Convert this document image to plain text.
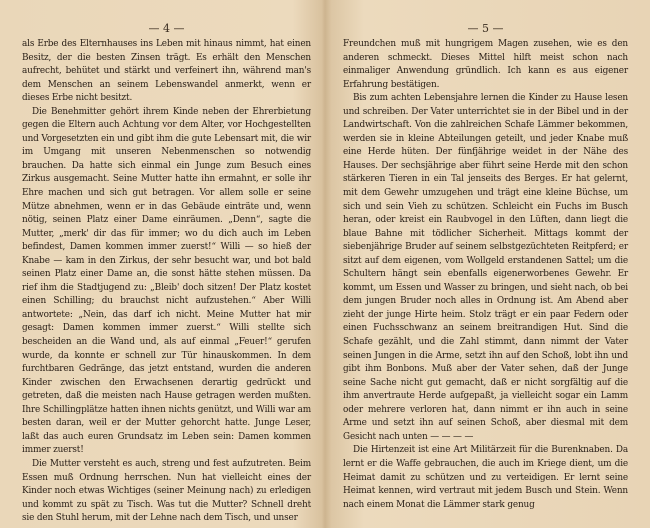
— 4 —

als Erbe des Elternhauses ins Leben mit hinaus nimmt, hat einen Besitz, der die besten Zinsen trägt. Es erhält den Menschen aufrecht, behütet und stärkt und verfeinert ihn, während man's dem Menschen an seinem Lebenswandel anmerkt, wenn er dieses Erbe nicht besitzt.

Die Benehmitter gehört ihrem Kinde neben der Ehrerbietung gegen die Eltern auch Achtung vor dem Alter, vor Hochgestellten und Vorgesetzten ein und gibt ihm die gute Lebensart mit, die wir im Umgang mit unseren Nebenmenschen so notwendig brauchen. Da hatte sich einmal ein Junge zum Besuch eines Zirkus ausgemacht. Seine Mutter hatte ihn ermahnt, er solle ihr Ehre machen und sich gut betragen. Vor allem solle er seine Mütze abnehmen, wenn er in das Gebäude einträte und, wenn nötig, seinen Platz einer Dame einräumen. „Denn“, sagte die Mutter, „merk' dir das für immer; wo du dich auch im Leben befindest, Damen kommen immer zuerst!“ Willi — so hieß der Knabe — kam in den Zirkus, der sehr besucht war, und bot bald seinen Platz einer Dame an, die sonst hätte stehen müssen. Da rief ihm die Stadtjugend zu: „Bleib' doch sitzen! Der Platz kostet einen Schilling; du brauchst nicht aufzustehen.“ Aber Willi antwortete: „Nein, das darf ich nicht. Meine Mutter hat mir gesagt: Damen kommen immer zuerst.“ Willi stellte sich bescheiden an die Wand und, als auf einmal „Feuer!“ gerufen wurde, da konnte er schnell zur Tür hinauskommen. In dem furchtbaren Gedränge, das jetzt entstand, wurden die anderen Kinder zwischen den Erwachsenen derartig gedrückt und getreten, daß die meisten nach Hause getragen werden mußten. Ihre Schillingplätze hatten ihnen nichts genützt, und Willi war am besten daran, weil er der Mutter gehorcht hatte. Junge Leser, laßt das auch euren Grundsatz im Leben sein: Damen kommen immer zuerst!

Die Mutter versteht es auch, streng und fest aufzutreten. Beim Essen muß Ordnung herrschen. Nun hat vielleicht eines der Kinder noch etwas Wichtiges (seiner Meinung nach) zu erledigen und kommt zu spät zu Tisch. Was tut die Mutter? Schnell dreht sie den Stuhl herum, mit der Lehne nach dem Tisch, und unser

— 5 —

Freundchen muß mit hungrigem Magen zusehen, wie es den anderen schmeckt. Dieses Mittel hilft meist schon nach einmaliger Anwendung gründlich. Ich kann es aus eigener Erfahrung bestätigen.

Bis zum achten Lebensjahre lernen die Kinder zu Hause lesen und schreiben. Der Vater unterrichtet sie in der Bibel und in der Landwirtschaft. Von die zahlreichen Schafe Lämmer bekommen, werden sie in kleine Abteilungen geteilt, und jeder Knabe muß eine Herde hüten. Der fünfjährige weidet in der Nähe des Hauses. Der sechsjährige aber führt seine Herde mit den schon stärkeren Tieren in ein Tal jenseits des Berges. Er hat gelernt, mit dem Gewehr umzugehen und trägt eine kleine Büchse, um sich und sein Vieh zu schützen. Schleicht ein Fuchs im Busch heran, oder kreist ein Raubvogel in den Lüften, dann liegt die blaue Bahne mit tödlicher Sicherheit. Mittags kommt der siebenjährige Bruder auf seinem selbstgezüchteten Reitpferd; er sitzt auf dem eigenen, vom Wollgeld erstandenen Sattel; um die Schultern hängt sein ebenfalls eigenerworbenes Gewehr. Er kommt, um Essen und Wasser zu bringen, und sieht nach, ob bei dem jungen Bruder noch alles in Ordnung ist. Am Abend aber zieht der junge Hirte heim. Stolz trägt er ein paar Federn oder einen Fuchsschwanz an seinem breitrandigen Hut. Sind die Schafe gezählt, und die Zahl stimmt, dann nimmt der Vater seinen Jungen in die Arme, setzt ihn auf den Schoß, lobt ihn und gibt ihm Bonbons. Muß aber der Vater sehen, daß der Junge seine Sache nicht gut gemacht, daß er nicht sorgfältig auf die ihm anvertraute Herde aufgepaßt, ja vielleicht sogar ein Lamm oder mehrere verloren hat, dann nimmt er ihn auch in seine Arme und setzt ihn auf seinen Schoß, aber diesmal mit dem Gesicht nach unten — — — —

Die Hirtenzeit ist eine Art Militärzeit für die Burenknaben. Da lernt er die Waffe gebrauchen, die auch im Kriege dient, um die Heimat damit zu schützen und zu verteidigen. Er lernt seine Heimat kennen, wird vertraut mit jedem Busch und Stein. Wenn nach einem Monat die Lämmer stark genug
